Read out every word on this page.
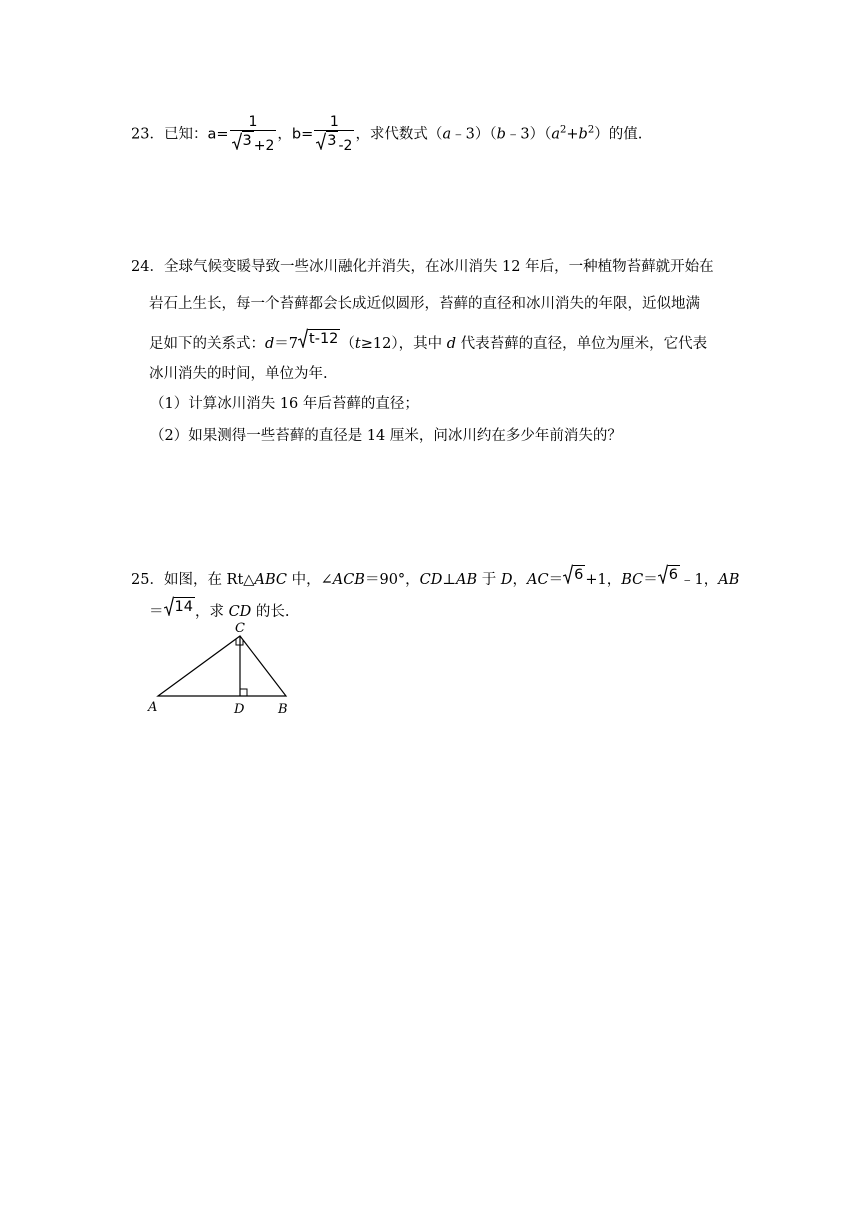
23．已知：$a= \frac{1}{3 +2}$ ，$b= \frac{1}{3 -2}$ ，求代数式$(a﹣3)(b﹣3)(a^2+b^2)$的值.
24．全球气候变暖导致一些冰川融化并消失，在冰川消失 12 年后，一种植物苔藓就开始在
岩石上生长，每一个苔藓都会长成近似圆形，苔藓的直径和冰川消失的年限，近似地满
足如下的关系式：d＝7 t-12 （t≥12），其中 d 代表苔藓的直径，单位为厘米，它代表
冰川消失的时间，单位为年.
（1）计算冰川消失 16 年后苔藓的直径；
（2）如果测得一些苔藓的直径是 14 厘米，问冰川约在多少年前消失的？
25．如图，在 Rt△ABC 中，∠ACB＝90°，CD⊥AB 于 D，AC＝ 6 +1，BC＝ 6 ﹣1，AB
＝ 14 ，求 CD 的长.
C
A	D	B
